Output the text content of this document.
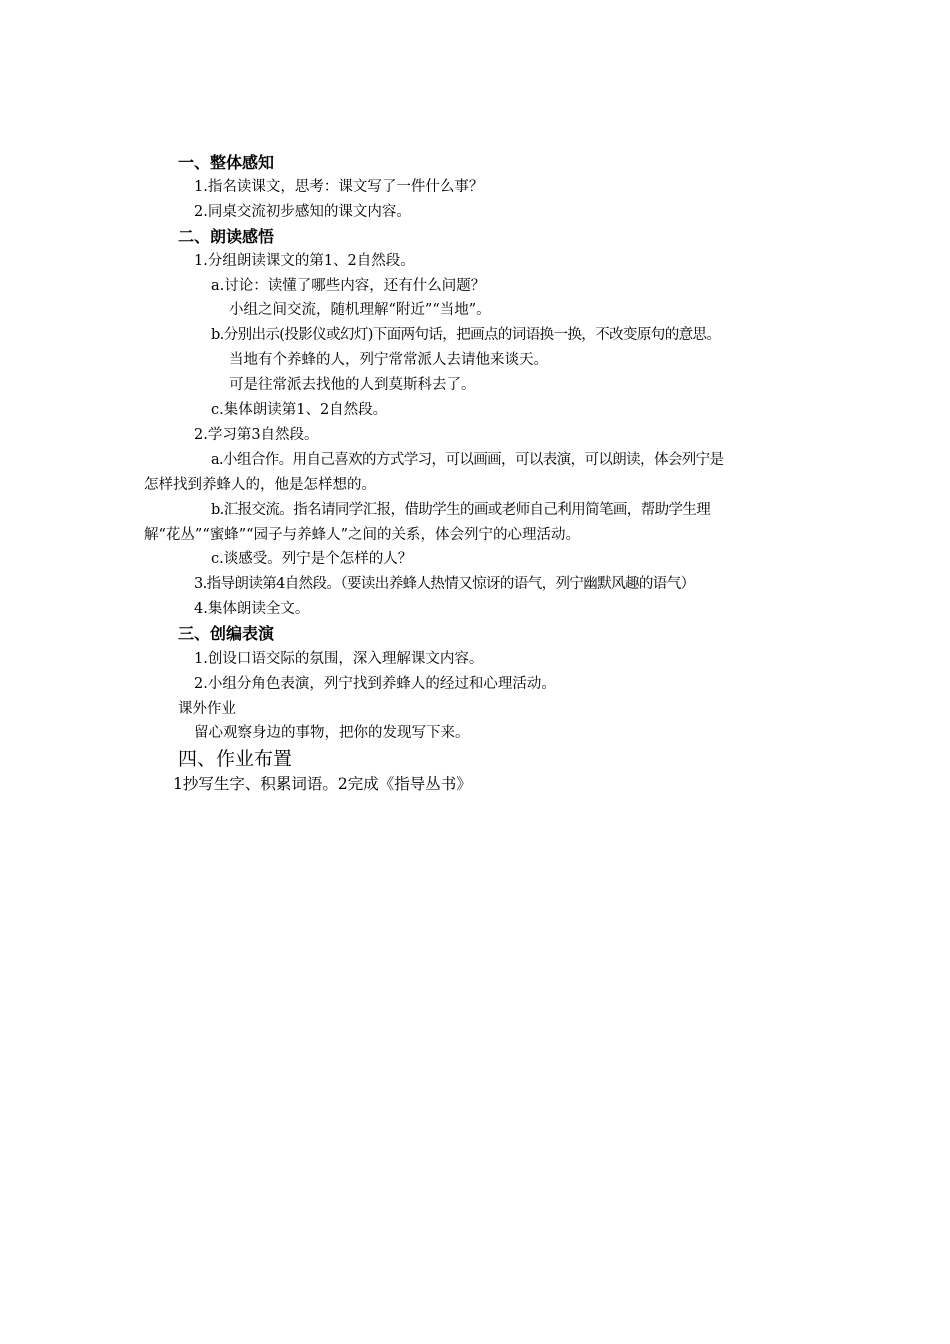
一、整体感知
1.指名读课文，思考：课文写了一件什么事？
2.同桌交流初步感知的课文内容。
二、朗读感悟
1.分组朗读课文的第1、2自然段。
a.讨论：读懂了哪些内容，还有什么问题？
小组之间交流，随机理解“附近”“当地”。
b.分别出示(投影仪或幻灯)下面两句话，把画点的词语换一换，不改变原句的意思。
当地有个养蜂的人，列宁常常派人去请他来谈天。
可是往常派去找他的人到莫斯科去了。
c.集体朗读第1、2自然段。
2.学习第3自然段。
a.小组合作。用自己喜欢的方式学习，可以画画，可以表演，可以朗读，体会列宁是
怎样找到养蜂人的，他是怎样想的。
b.汇报交流。指名请同学汇报，借助学生的画或老师自己利用简笔画，帮助学生理
解“花丛”“蜜蜂”“园子与养蜂人”之间的关系，体会列宁的心理活动。
c.谈感受。列宁是个怎样的人？
3.指导朗读第4自然段。（要读出养蜂人热情又惊讶的语气，列宁幽默风趣的语气）
4.集体朗读全文。
三、创编表演
1.创设口语交际的氛围，深入理解课文内容。
2.小组分角色表演，列宁找到养蜂人的经过和心理活动。
课外作业
留心观察身边的事物，把你的发现写下来。
四、作业布置
1抄写生字、积累词语。2完成《指导丛书》
